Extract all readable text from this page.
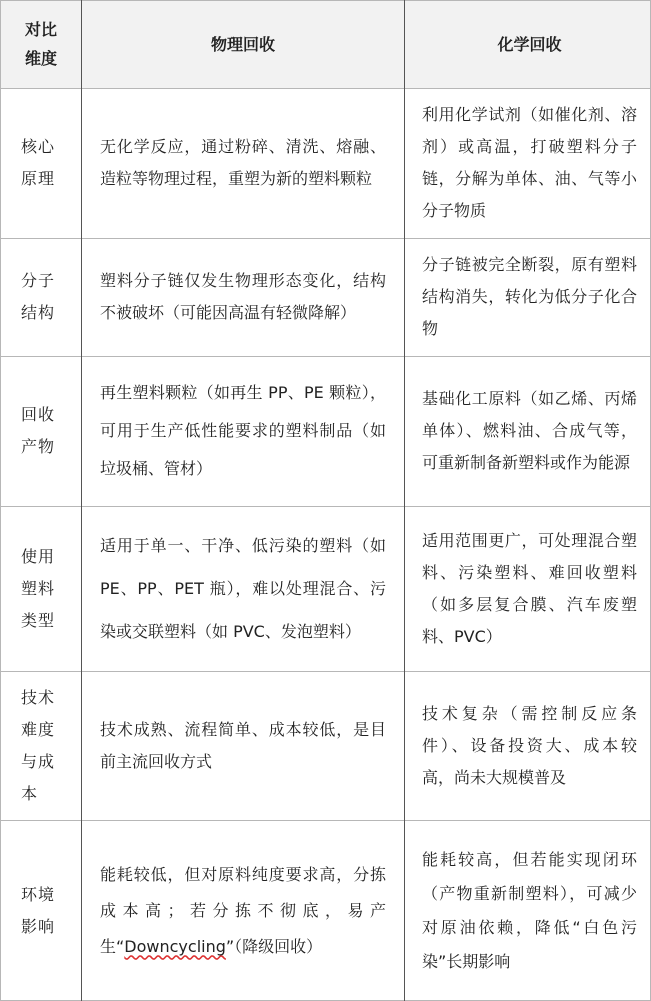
对比维度
物理回收	化学回收
核心原理
无化学反应，通过粉碎、清洗、熔融、造粒等物理过程，重塑为新的塑料颗粒
利用化学试剂（如催化剂、溶剂）或高温，打破塑料分子链，分解为单体、油、气等小分子物质
分子结构
塑料分子链仅发生物理形态变化，结构不被破坏（可能因高温有轻微降解）
分子链被完全断裂，原有塑料结构消失，转化为低分子化合物
回收产物
再生塑料颗粒（如再生 PP、PE 颗粒），可用于生产低性能要求的塑料制品（如垃圾桶、管材）
基础化工原料（如乙烯、丙烯单体）、燃料油、合成气等，可重新制备新塑料或作为能源
使用塑料类型
适用于单一、干净、低污染的塑料（如 PE、PP、PET 瓶），难以处理混合、污染或交联塑料（如 PVC、发泡塑料）
适用范围更广，可处理混合塑料、污染塑料、难回收塑料（如多层复合膜、汽车废塑料、PVC）
技术难度与成本
技术成熟、流程简单、成本较低，是目前主流回收方式
技术复杂（需控制反应条件）、设备投资大、成本较高，尚未大规模普及
环境影响
能耗较低，但对原料纯度要求高，分拣成本高；若分拣不彻底，易产生“Downcycling”（降级回收）
能耗较高，但若能实现闭环（产物重新制塑料），可减少对原油依赖，降低“白色污染”长期影响
